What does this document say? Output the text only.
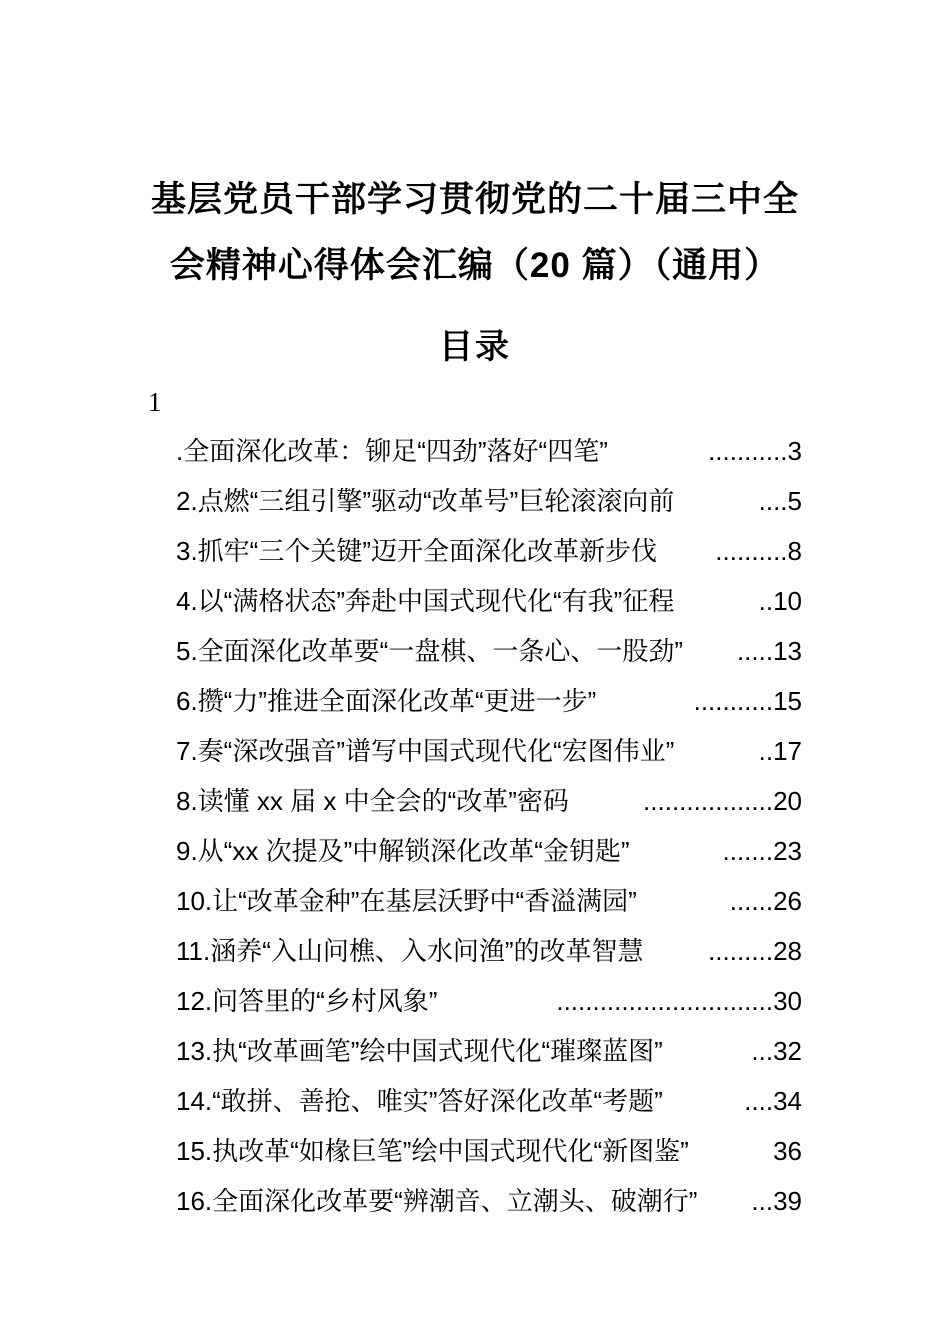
基层党员干部学习贯彻党的二十届三中全会精神心得体会汇编（20 篇）（通用）
目录
1
.全面深化改革：铆足“四劲”落好“四笔”	........... 3
2.点燃“三组引擎”驱动“改革号”巨轮滚滚向前	.... 5
3.抓牢“三个关键”迈开全面深化改革新步伐	.......... 8
4.以“满格状态”奔赴中国式现代化“有我”征程	.. 10
5.全面深化改革要“一盘棋、一条心、一股劲”	..... 13
6.攒“力”推进全面深化改革“更进一步”	........... 15
7.奏“深改强音”谱写中国式现代化“宏图伟业”	.. 17
8.读懂 xx 届 x 中全会的“改革”密码	.................. 20
9.从“xx 次提及”中解锁深化改革“金钥匙”	....... 23
10.让“改革金种”在基层沃野中“香溢满园”	...... 26
11.涵养“入山问樵、入水问渔”的改革智慧	......... 28
12.问答里的“乡村风象”	.............................. 30
13.执“改革画笔”绘中国式现代化“璀璨蓝图”	... 32
14.“敢拼、善抢、唯实”答好深化改革“考题”	.... 34
15.执改革“如椽巨笔”绘中国式现代化“新图鉴”	36
16.全面深化改革要“辨潮音、立潮头、破潮行”	... 39
